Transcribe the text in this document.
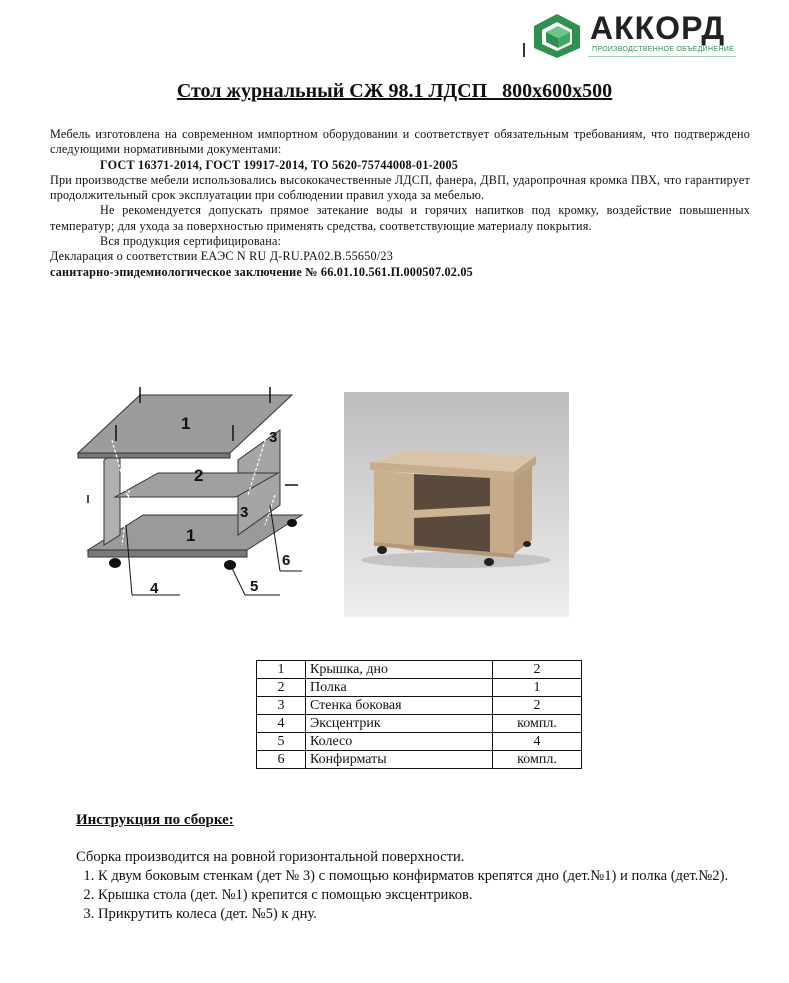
АККОРД
ПРОИЗВОДСТВЕННОЕ ОБЪЕДИНЕНИЕ
Стол журнальный СЖ 98.1 ЛДСП   800х600х500

Мебель изготовлена на современном импортном оборудовании и соответствует обязательным требованиям, что подтверждено следующими нормативными документами:

ГОСТ 16371-2014, ГОСТ 19917-2014, ТО 5620-75744008-01-2005

При производстве мебели использовались высококачественные ЛДСП, фанера, ДВП, ударопрочная кромка ПВХ, что гарантирует продолжительный срок эксплуатации при соблюдении правил ухода за мебелью.

Не рекомендуется допускать прямое затекание воды и горячих напитков под кромку, воздействие повышенных температур; для ухода за поверхностью применять средства, соответствующие материалу покрытия.

Вся продукция сертифицирована:

Декларация о соответствии ЕАЭС N RU Д-RU.PA02.B.55650/23

санитарно-эпидемиологическое заключение № 66.01.10.561.П.000507.02.05

1
2
1
3
3
4	5
6
1	Крышка, дно	2
2	Полка	1
3	Стенка боковая	2
4	Эксцентрик	компл.
5	Колесо	4
6	Конфирматы	компл.
Инструкция по сборке:

Сборка производится на ровной горизонтальной поверхности.

1. К двум боковым стенкам (дет № 3) с помощью конфирматов крепятся дно (дет.№1) и полка (дет.№2).
2. Крышка стола (дет. №1) крепится с помощью эксцентриков.
3. Прикрутить колеса (дет. №5) к дну.
